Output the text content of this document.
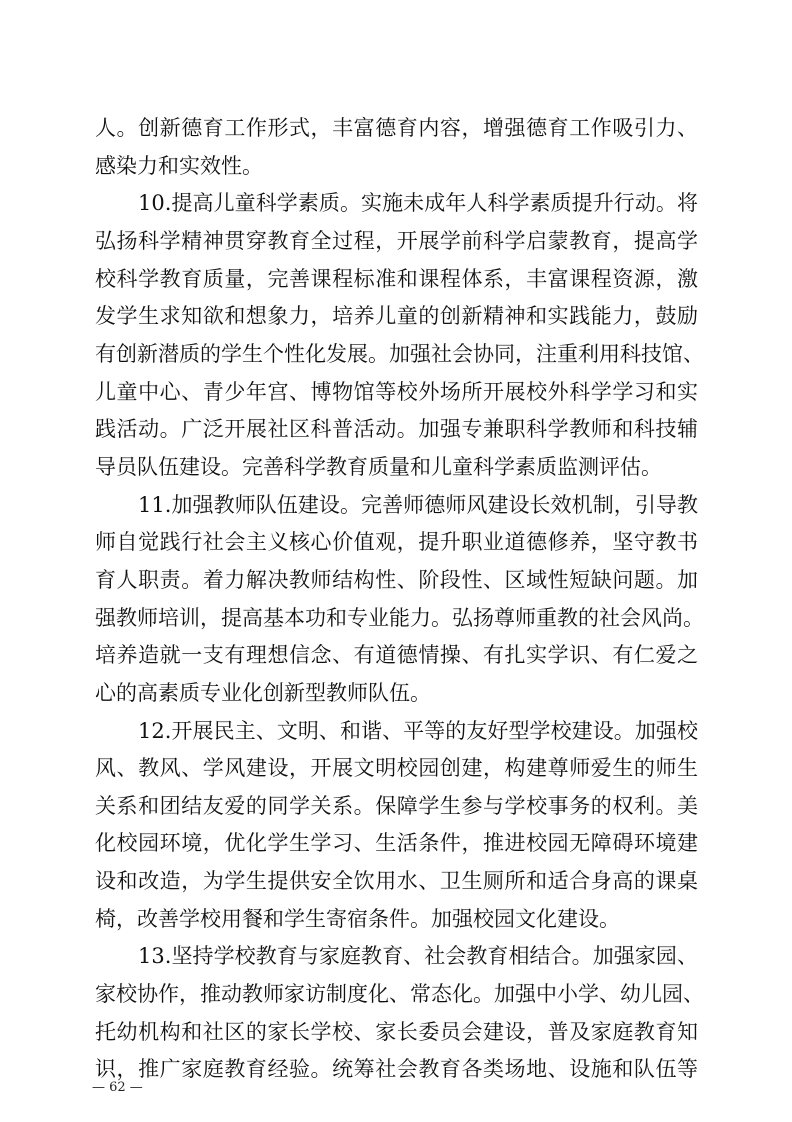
人。创新德育工作形式，丰富德育内容，增强德育工作吸引力、
感染力和实效性。
10.提高儿童科学素质。实施未成年人科学素质提升行动。将
弘扬科学精神贯穿教育全过程，开展学前科学启蒙教育，提高学
校科学教育质量，完善课程标准和课程体系，丰富课程资源，激
发学生求知欲和想象力，培养儿童的创新精神和实践能力，鼓励
有创新潜质的学生个性化发展。加强社会协同，注重利用科技馆、
儿童中心、青少年宫、博物馆等校外场所开展校外科学学习和实
践活动。广泛开展社区科普活动。加强专兼职科学教师和科技辅
导员队伍建设。完善科学教育质量和儿童科学素质监测评估。
11.加强教师队伍建设。完善师德师风建设长效机制，引导教
师自觉践行社会主义核心价值观，提升职业道德修养，坚守教书
育人职责。着力解决教师结构性、阶段性、区域性短缺问题。加
强教师培训，提高基本功和专业能力。弘扬尊师重教的社会风尚。
培养造就一支有理想信念、有道德情操、有扎实学识、有仁爱之
心的高素质专业化创新型教师队伍。
12.开展民主、文明、和谐、平等的友好型学校建设。加强校
风、教风、学风建设，开展文明校园创建，构建尊师爱生的师生
关系和团结友爱的同学关系。保障学生参与学校事务的权利。美
化校园环境，优化学生学习、生活条件，推进校园无障碍环境建
设和改造，为学生提供安全饮用水、卫生厕所和适合身高的课桌
椅，改善学校用餐和学生寄宿条件。加强校园文化建设。
13.坚持学校教育与家庭教育、社会教育相结合。加强家园、
家校协作，推动教师家访制度化、常态化。加强中小学、幼儿园、
托幼机构和社区的家长学校、家长委员会建设，普及家庭教育知
识，推广家庭教育经验。统筹社会教育各类场地、设施和队伍等
— 62 —
